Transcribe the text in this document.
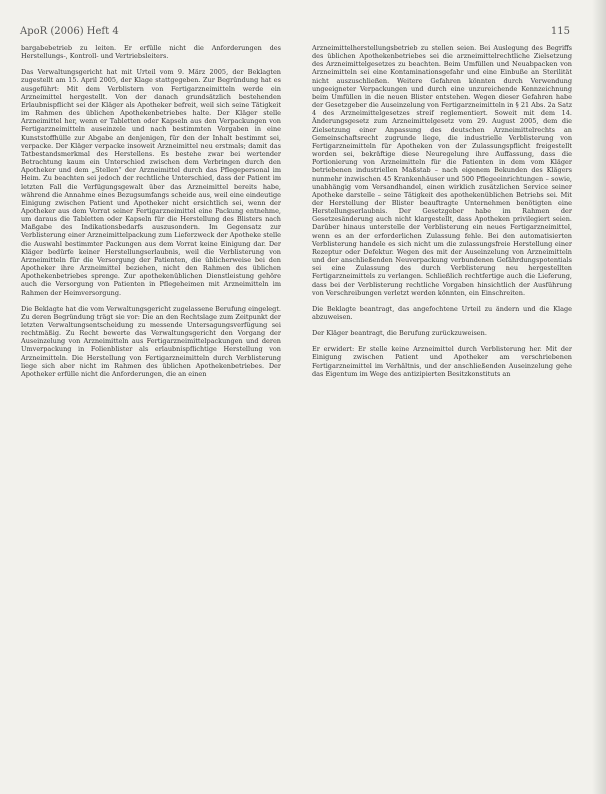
ApoR (2006) Heft 4	115

bargabebetrieb zu leiten. Er erfülle nicht die Anforderungen des Herstellungs-, Kontroll- und Vertriebsleiters.

Das Verwaltungsgericht hat mit Urteil vom 9. März 2005, der Beklagten zugestellt am 15. April 2005, der Klage stattgegeben. Zur Begründung hat es ausgeführt: Mit dem Verblistern von Fertigarzneimitteln werde ein Arzneimittel hergestellt. Von der danach grundsätzlich bestehenden Erlaubnispflicht sei der Kläger als Apotheker befreit, weil sich seine Tätigkeit im Rahmen des üblichen Apothekenbetriebes halte. Der Kläger stelle Arzneimittel her, wenn er Tabletten oder Kapseln aus den Verpackungen von Fertigarzneimitteln auseinzele und nach bestimmten Vorgaben in eine Kunststoffhülle zur Abgabe an denjenigen, für den der Inhalt bestimmt sei, verpacke. Der Kläger verpacke insoweit Arzneimittel neu erstmals; damit das Tatbestandsmerkmal des Herstellens. Es bestehe zwar bei wertender Betrachtung kaum ein Unterschied zwischen dem Verbringen durch den Apotheker und dem „Stellen“ der Arzneimittel durch das Pflegepersonal im Heim. Zu beachten sei jedoch der rechtliche Unterschied, dass der Patient im letzten Fall die Verfügungsgewalt über das Arzneimittel bereits habe, während die Annahme eines Bezugsumfangs scheide aus, weil eine eindeutige Einigung zwischen Patient und Apotheker nicht ersichtlich sei, wenn der Apotheker aus dem Vorrat seiner Fertigarzneimittel eine Packung entnehme, um daraus die Tabletten oder Kapseln für die Herstellung des Blisters nach Maßgabe des Indikationsbedarfs auszusondern. Im Gegensatz zur Verblisterung einer Arzneimittelpackung zum Lieferzweck der Apotheke stelle die Auswahl bestimmter Packungen aus dem Vorrat keine Einigung dar. Der Kläger bedürfe keiner Herstellungserlaubnis, weil die Verblisterung von Arzneimitteln für die Versorgung der Patienten, die üblicherweise bei den Apotheker ihre Arzneimittel beziehen, nicht den Rahmen des üblichen Apothekenbetriebes sprenge. Zur apothekenüblichen Dienstleistung gehöre auch die Versorgung von Patienten in Pflegeheimen mit Arzneimitteln im Rahmen der Heimversorgung.

Die Beklagte hat die vom Verwaltungsgericht zugelassene Berufung eingelegt. Zu deren Begründung trägt sie vor: Die an den Rechtslage zum Zeitpunkt der letzten Verwaltungsentscheidung zu messende Untersagungsverfügung sei rechtmäßig. Zu Recht bewerte das Verwaltungsgericht den Vorgang der Auseinzelung von Arzneimitteln aus Fertigarzneimittelpackungen und deren Umverpackung in Folienblister als erlaubnispflichtige Herstellung von Arzneimitteln. Die Herstellung von Fertigarzneimitteln durch Verblisterung liege sich aber nicht im Rahmen des üblichen Apothekenbetriebes. Der Apotheker erfülle nicht die Anforderungen, die an einen

Arzneimittelherstellungsbetrieb zu stellen seien. Bei Auslegung des Begriffs des üblichen Apothekenbetriebes sei die arzneimittelrechtliche Zielsetzung des Arzneimittelgesetzes zu beachten. Beim Umfüllen und Neuabpacken von Arzneimitteln sei eine Kontaminationsgefahr und eine Einbuße an Sterilität nicht auszuschließen. Weitere Gefahren könnten durch Verwendung ungeeigneter Verpackungen und durch eine unzureichende Kennzeichnung beim Umfüllen in die neuen Blister entstehen. Wegen dieser Gefahren habe der Gesetzgeber die Auseinzelung von Fertigarzneimitteln in § 21 Abs. 2a Satz 4 des Arzneimittelgesetzes streif reglementiert. Soweit mit dem 14. Änderungsgesetz zum Arzneimittelgesetz vom 29. August 2005, dem die Zielsetzung einer Anpassung des deutschen Arzneimittelrechts an Gemeinschaftsrecht zugrunde liege, die industrielle Verblisterung von Fertigarzneimitteln für Apotheken von der Zulassungspflicht freigestellt worden sei, bekräftige diese Neuregelung ihre Auffassung, dass die Portionierung von Arzneimitteln für die Patienten in dem vom Kläger betriebenen industriellen Maßstab – nach eigenem Bekunden des Klägers nunmehr inzwischen 45 Krankenhäuser und 500 Pflegeeinrichtungen – sowie, unabhängig vom Versandhandel, einen wirklich zusätzlichen Service seiner Apotheke darstelle – seine Tätigkeit des apothekenüblichen Betriebs sei. Mit der Herstellung der Blister beauftragte Unternehmen benötigten eine Herstellungserlaubnis. Der Gesetzgeber habe im Rahmen der Gesetzesänderung auch nicht klargestellt, dass Apotheken privilegiert seien. Darüber hinaus unterstelle der Verblisterung ein neues Fertigarzneimittel, wenn es an der erforderlichen Zulassung fehle. Bei den automatisierten Verblisterung handele es sich nicht um die zulassungsfreie Herstellung einer Rezeptur oder Defektur. Wegen des mit der Auseinzelung von Arzneimitteln und der anschließenden Neuverpackung verbundenen Gefährdungspotentials sei eine Zulassung des durch Verblisterung neu hergestellten Fertigarzneimittels zu verlangen. Schließlich rechtfertige auch die Lieferung, dass bei der Verblisterung rechtliche Vorgaben hinsichtlich der Ausführung von Verschreibungen verletzt werden könnten, ein Einschreiten.

Die Beklagte beantragt, das angefochtene Urteil zu ändern und die Klage abzuweisen.

Der Kläger beantragt, die Berufung zurückzuweisen.

Er erwidert: Er stelle keine Arzneimittel durch Verblisterung her. Mit der Einigung zwischen Patient und Apotheker am verschriebenen Fertigarzneimittel im Verhältnis, und der anschließenden Auseinzelung gehe das Eigentum im Wege des antizipierten Besitzkonstituts an
